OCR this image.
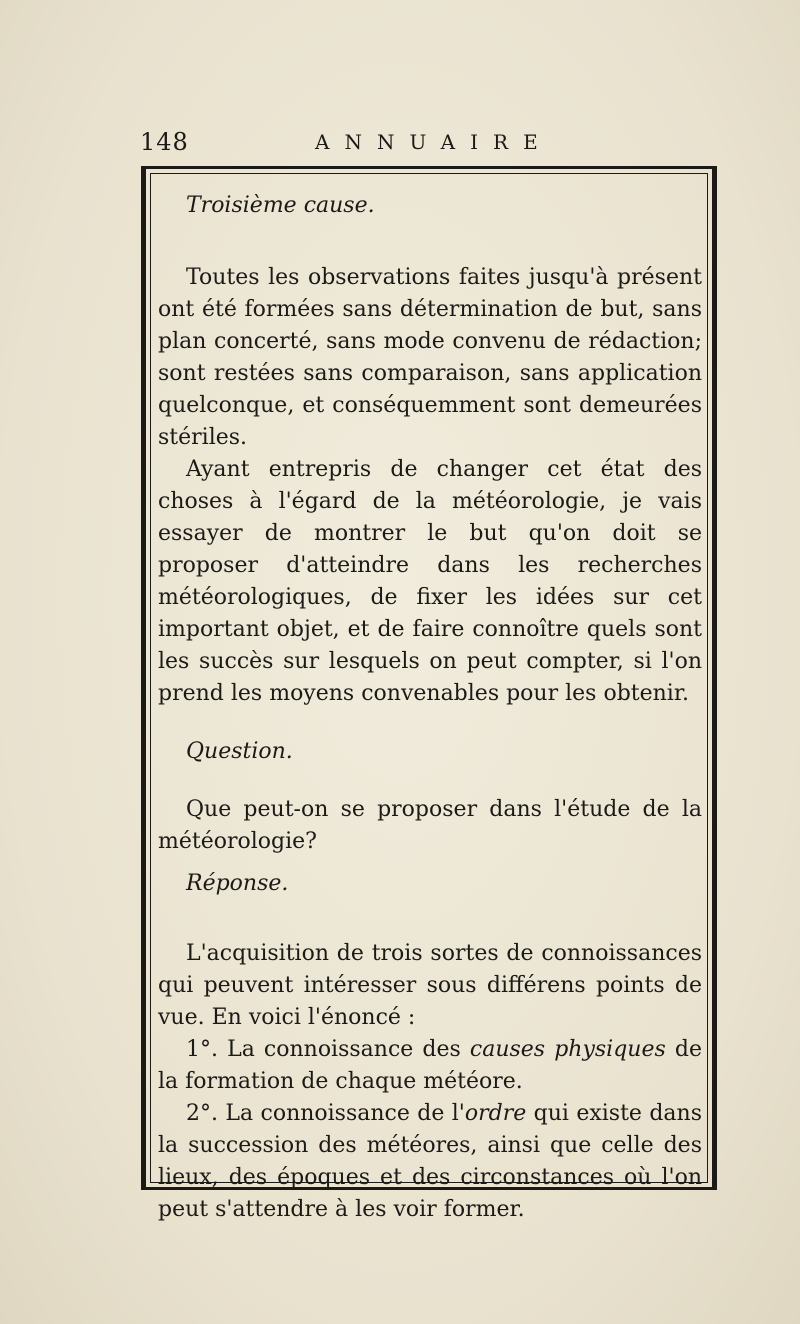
148	ANNUAIRE

Troisième cause.

Toutes les observations faites jusqu'à présent ont été formées sans détermination de but, sans plan concerté, sans mode convenu de rédaction; sont restées sans comparaison, sans application quelconque, et conséquemment sont demeurées stériles.

Ayant entrepris de changer cet état des choses à l'égard de la météorologie, je vais essayer de montrer le but qu'on doit se proposer d'atteindre dans les recherches météorologiques, de fixer les idées sur cet important objet, et de faire connoître quels sont les succès sur lesquels on peut compter, si l'on prend les moyens convenables pour les obtenir.

Question.

Que peut-on se proposer dans l'étude de la météorologie?

Réponse.

L'acquisition de trois sortes de connoissances qui peuvent intéresser sous différens points de vue. En voici l'énoncé :

1°. La connoissance des causes physiques de la formation de chaque météore.

2°. La connoissance de l'ordre qui existe dans la succession des météores, ainsi que celle des lieux, des époques et des circonstances où l'on peut s'attendre à les voir former.
